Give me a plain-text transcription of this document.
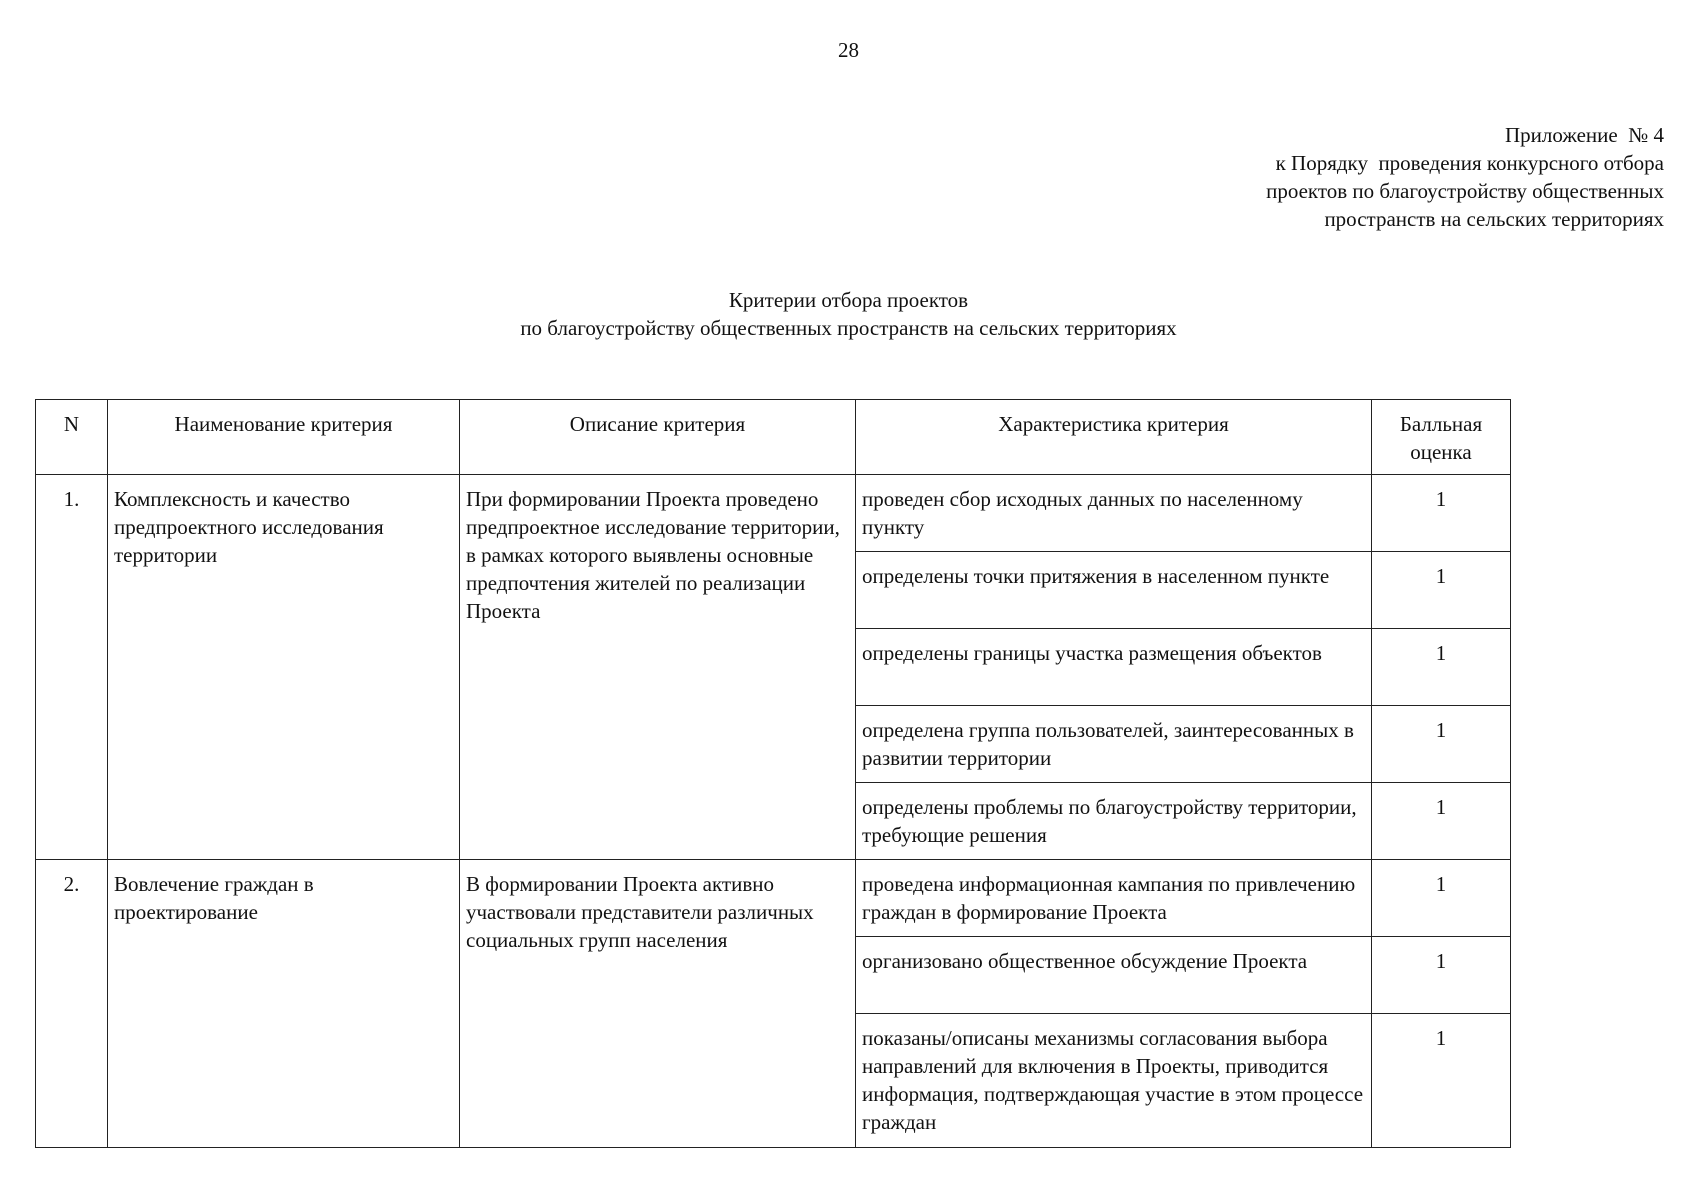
28
Приложение  № 4
к Порядку  проведения конкурсного отбора
проектов по благоустройству общественных
пространств на сельских территориях
Критерии отбора проектов
по благоустройству общественных пространств на сельских территориях
N	Наименование критерия	Описание критерия	Характеристика критерия	Балльная оценка
1.	Комплексность и качество предпроектного исследования территории	При формировании Проекта проведено предпроектное исследование территории, в рамках которого выявлены основные предпочтения жителей по реализации Проекта	проведен сбор исходных данных по населенному пункту	1
			определены точки притяжения в населенном пункте	1
			определены границы участка размещения объектов	1
			определена группа пользователей, заинтересованных в развитии территории	1
			определены проблемы по благоустройству территории, требующие решения	1
2.	Вовлечение граждан в проектирование	В формировании Проекта активно участвовали представители различных социальных групп населения	проведена информационная кампания по привлечению граждан в формирование Проекта	1
			организовано общественное обсуждение Проекта	1
			показаны/описаны механизмы согласования выбора направлений для включения в Проекты, приводится информация, подтверждающая участие в этом процессе граждан	1
